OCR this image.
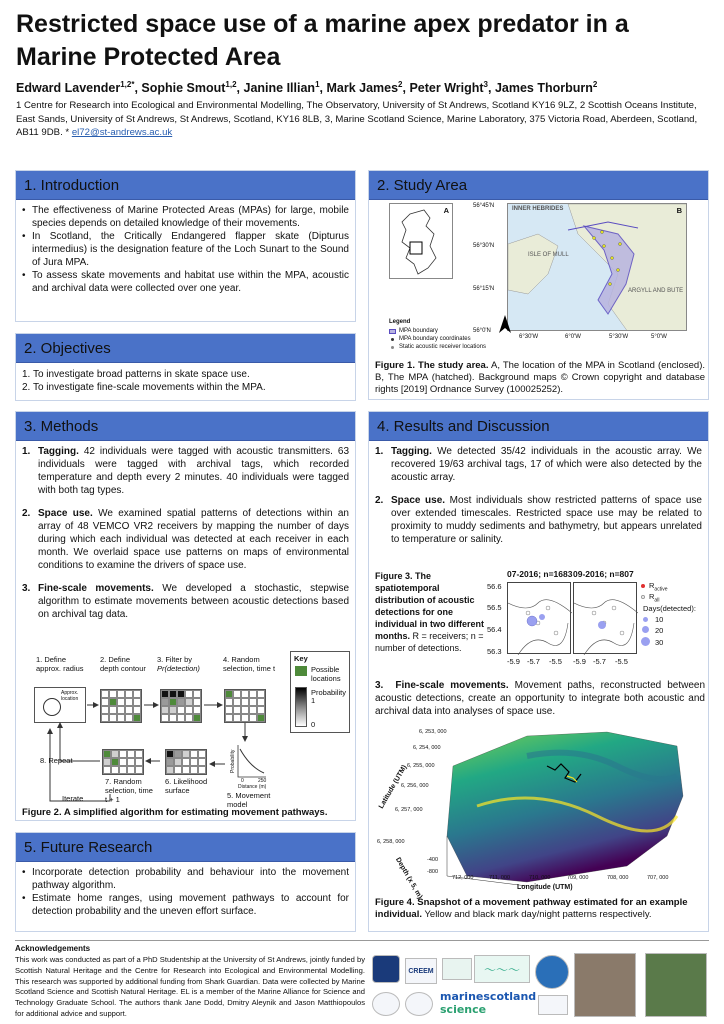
Restricted space use of a marine apex predator in a Marine Protected Area
Edward Lavender$^{1,2*}$, Sophie Smout$^{1,2}$, Janine Illian$^1$, Mark James$^2$, Peter Wright$^3$, James Thorburn$^2$
1 Centre for Research into Ecological and Environmental Modelling, The Observatory, University of St Andrews, Scotland KY16 9LZ, 2 Scottish Oceans Institute, East Sands, University of St Andrews, St Andrews, Scotland, KY16 8LB, 3, Marine Scotland Science, Marine Laboratory, 375 Victoria Road, Aberdeen, Scotland, AB11 9DB. * el72@st-andrews.ac.uk
1. Introduction
• The effectiveness of Marine Protected Areas (MPAs) for large, mobile species depends on detailed knowledge of their movements.
• In Scotland, the Critically Endangered flapper skate (Dipturus intermedius) is the designation feature of the Loch Sunart to the Sound of Jura MPA.
• To assess skate movements and habitat use within the MPA, acoustic and archival data were collected over one year.
2. Objectives
1. To investigate broad patterns in skate space use.
2. To investigate fine-scale movements within the MPA.
3. Methods
1. Tagging. 42 individuals were tagged with acoustic transmitters. 63 individuals were tagged with archival tags, which recorded temperature and depth every 2 minutes. 40 individuals were tagged with both tag types.
2. Space use. We examined spatial patterns of detections within an array of 48 VEMCO VR2 receivers by mapping the number of days during which each individual was detected at each receiver in each month. We overlaid space use patterns on maps of environmental conditions to examine the drivers of space use.
3. Fine-scale movements. We developed a stochastic, stepwise algorithm to estimate movements between acoustic detections based on archival tag data.
1. Define approx. radius
Approx. location
2. Define depth contour
3. Filter by
Pr(detection)
4. Random selection, time t
Key
Possible locations
Probability
1
0
Probability
0	250
Distance (m)
5. Movement model
6. Likelihood surface
7. Random selection, time t + 1
8. Repeat
Iterate
Figure 2. A simplified algorithm for estimating movement pathways.
5. Future Research
• Incorporate detection probability and behaviour into the movement pathway algorithm.
• Estimate home ranges, using movement pathways to account for detection probability and the uneven effort surface.
2. Study Area
A	INNER HEBRIDES
ISLE OF MULL
ARGYLL AND BUTE
B
56°45'N
56°30'N
56°15'N
56°0'N
6°30'W	6°0'W	5°30'W	5°0'W
Legend
MPA boundary
MPA boundary coordinates
Static acoustic receiver locations
Figure 1. The study area. A, The location of the MPA in Scotland (enclosed). B, The MPA (hatched). Background maps © Crown copyright and database rights [2019] Ordnance Survey (100025252).
4. Results and Discussion
1. Tagging. We detected 35/42 individuals in the acoustic array. We recovered 19/63 archival tags, 17 of which were also detected by the acoustic array.
2. Space use. Most individuals show restricted patterns of space use over extended timescales. Restricted space use may be related to proximity to muddy sediments and bathymetry, but appears unrelated to temperature or salinity.
Figure 3. The spatiotemporal distribution of acoustic detections for one individual in two different months. R = receivers; n = number of detections.
07-2016; n=1683 09-2016; n=807
56.6
56.5
56.4
56.3
-5.9 -5.7 -5.5 -5.9 -5.7 -5.5
$R_{active}$
$R_{all}$
Days(detected):
10
20
30
3. Fine-scale movements. Movement paths, reconstructed between acoustic detections, create an opportunity to integrate both acoustic and archival data into analyses of space use.
6, 253, 000
6, 254, 000
6, 255, 000
6, 256, 000
6, 257, 000
6, 258, 000
Latitude (UTM)
-400
-800
Depth (x 5, m)	712, 000	711, 000	710, 000	709, 000	708, 000	707, 000
Longitude (UTM)
Figure 4. Snapshot of a movement pathway estimated for an example individual. Yellow and black mark day/night patterns respectively.
Acknowledgements
This work was conducted as part of a PhD Studentship at the University of St Andrews, jointly funded by Scottish Natural Heritage and the Centre for Research into Ecological and Environmental Modelling. This research was supported by additional funding from Shark Guardian. Data were collected by Marine Scotland Science and Scottish Natural Heritage. EL is a member of the Marine Alliance for Science and Technology Graduate School. The authors thank Jane Dodd, Dmitry Aleynik and Jason Matthiopoulos for additional advice and support.
CREEM	〜〜〜
marinescotland
science
